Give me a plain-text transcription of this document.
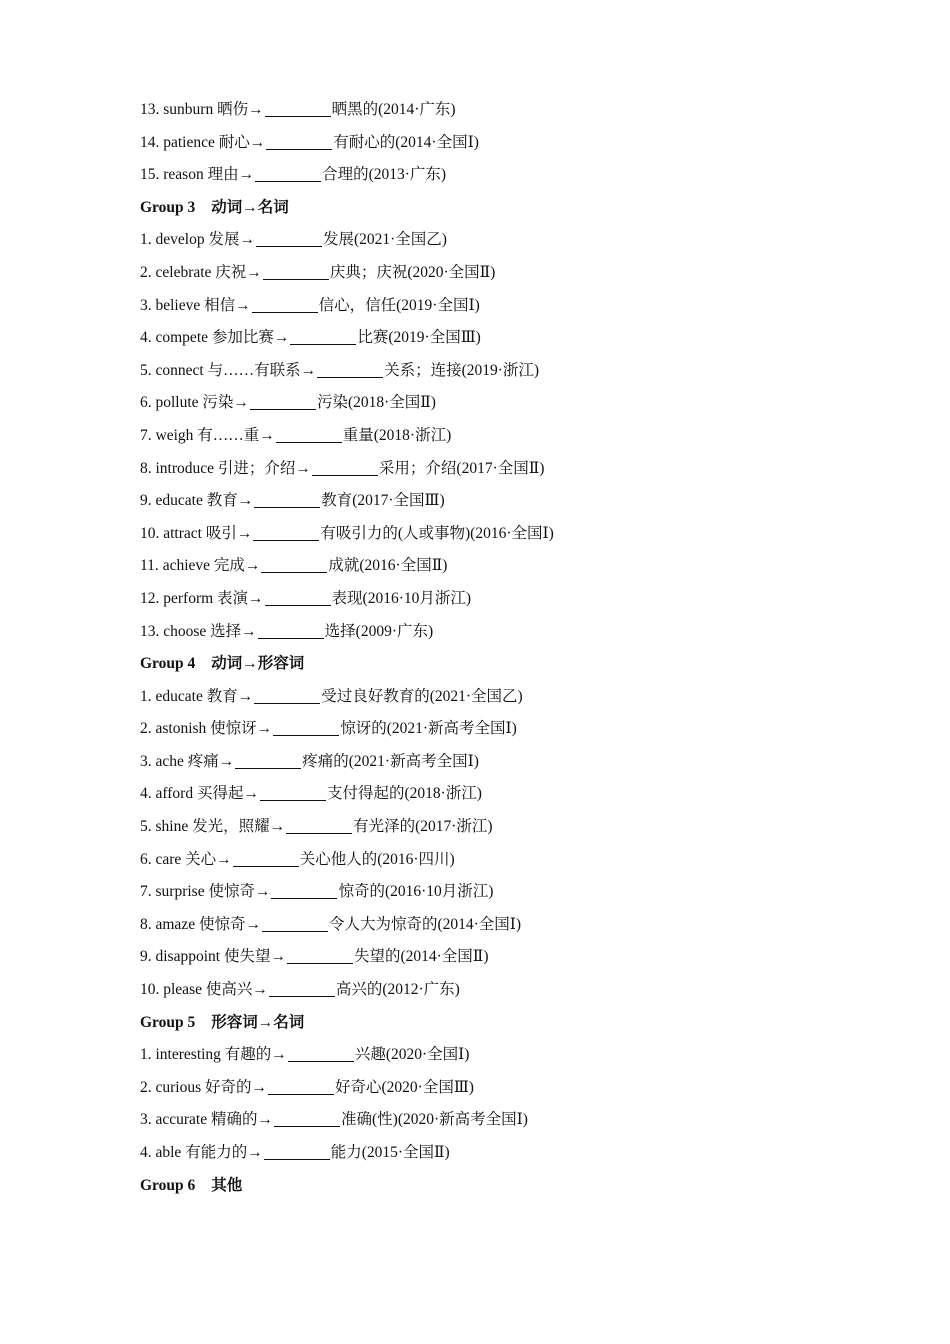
13. sunburn 晒伤→	晒黑的(2014·广东)
14. patience 耐心→	有耐心的(2014·全国Ⅰ)
15. reason 理由→	合理的(2013·广东)
Group 3 动词→名词
1. develop 发展→	发展(2021·全国乙)
2. celebrate 庆祝→	庆典；庆祝(2020·全国Ⅱ)
3. believe 相信→	信心，信任(2019·全国Ⅰ)
4. compete 参加比赛→	比赛(2019·全国Ⅲ)
5. connect 与……有联系→	关系；连接(2019·浙江)
6. pollute 污染→	污染(2018·全国Ⅱ)
7. weigh 有……重→	重量(2018·浙江)
8. introduce 引进；介绍→	采用；介绍(2017·全国Ⅱ)
9. educate 教育→	教育(2017·全国Ⅲ)
10. attract 吸引→	有吸引力的(人或事物)(2016·全国Ⅰ)
11. achieve 完成→	成就(2016·全国Ⅱ)
12. perform 表演→	表现(2016·10月浙江)
13. choose 选择→	选择(2009·广东)
Group 4 动词→形容词
1. educate 教育→	受过良好教育的(2021·全国乙)
2. astonish 使惊讶→	惊讶的(2021·新高考全国Ⅰ)
3. ache 疼痛→	疼痛的(2021·新高考全国Ⅰ)
4. afford 买得起→	支付得起的(2018·浙江)
5. shine 发光，照耀→	有光泽的(2017·浙江)
6. care 关心→	关心他人的(2016·四川)
7. surprise 使惊奇→	惊奇的(2016·10月浙江)
8. amaze 使惊奇→	令人大为惊奇的(2014·全国Ⅰ)
9. disappoint 使失望→	失望的(2014·全国Ⅱ)
10. please 使高兴→	高兴的(2012·广东)
Group 5 形容词→名词
1. interesting 有趣的→	兴趣(2020·全国Ⅰ)
2. curious 好奇的→	好奇心(2020·全国Ⅲ)
3. accurate 精确的→	准确(性)(2020·新高考全国Ⅰ)
4. able 有能力的→	能力(2015·全国Ⅱ)
Group 6 其他
